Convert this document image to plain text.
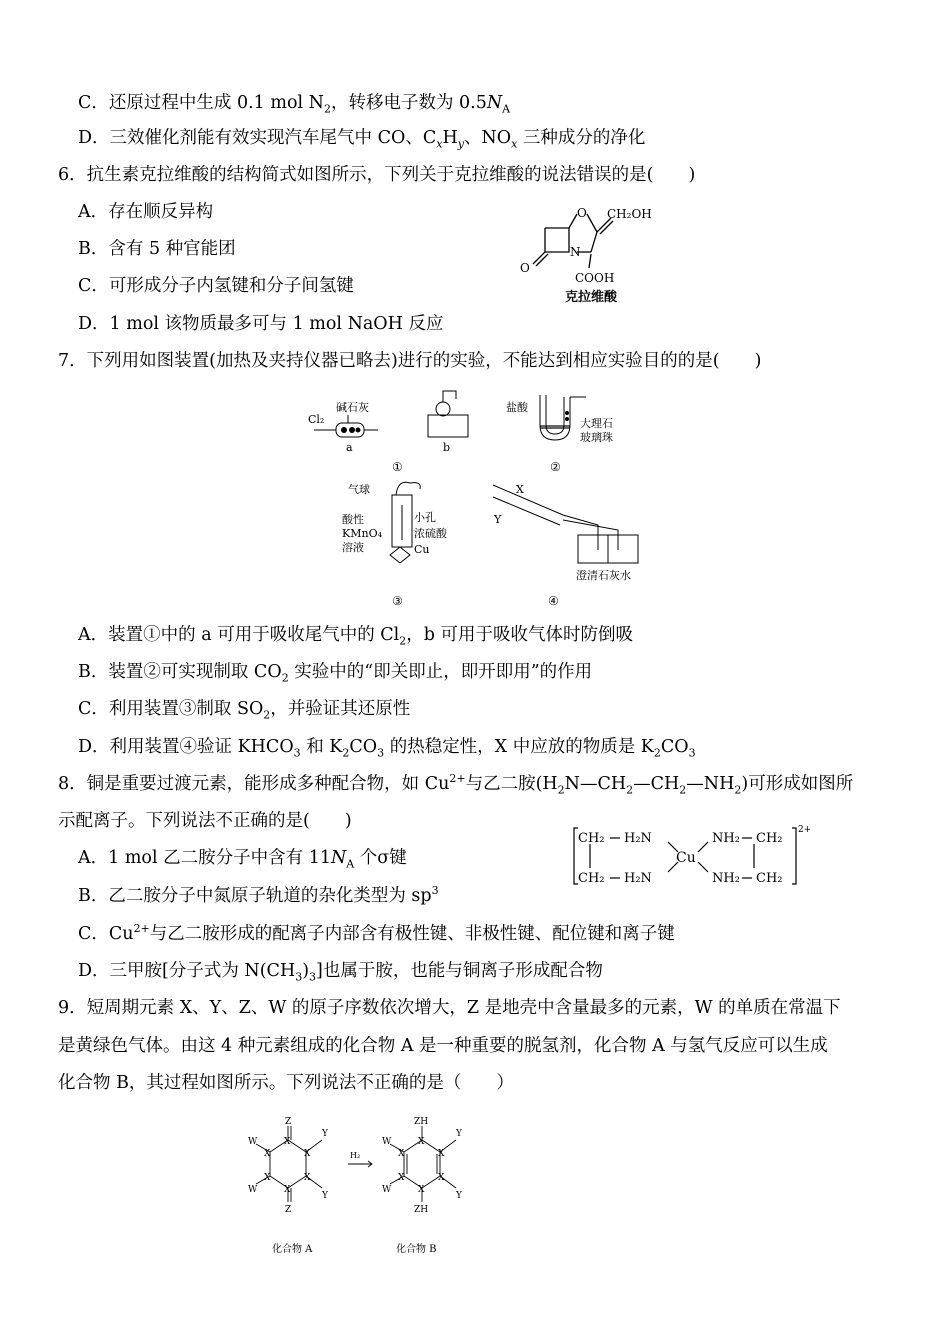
C．还原过程中生成 0.1 mol $N_2$，转移电子数为 $0.5N_A$
D．三效催化剂能有效实现汽车尾气中 CO、$C_xH_y$、$NO_x$ 三种成分的净化
6．抗生素克拉维酸的结构简式如图所示，下列关于克拉维酸的说法错误的是(　　)
A．存在顺反异构
B．含有 5 种官能团
C．可形成分子内氢键和分子间氢键
D．1 mol 该物质最多可与 1 mol NaOH 反应
O
O
N
CH₂OH
COOH
克拉维酸
7．下列用如图装置(加热及夹持仪器已略去)进行的实验，不能达到相应实验目的的是(　　)
Cl₂
碱石灰
a	b
①
盐酸
大理石
玻璃珠
②
气球
酸性
KMnO₄
溶液
小孔
浓硫酸
Cu
③
X
Y
澄清石灰水
④
A．装置①中的 a 可用于吸收尾气中的 $Cl_2$，b 可用于吸收气体时防倒吸
B．装置②可实现制取 $CO_2$ 实验中的“即关即止，即开即用”的作用
C．利用装置③制取 $SO_2$，并验证其还原性
D．利用装置④验证 $KHCO_3$ 和 $K_2CO_3$ 的热稳定性，X 中应放的物质是 $K_2CO_3$
8．铜是重要过渡元素，能形成多种配合物，如 $Cu^{2+}$与乙二胺$(H_2N—CH_2—CH_2—NH_2)$可形成如图所
示配离子。下列说法不正确的是(　　)
CH₂
CH₂
H₂N
H₂N
Cu
NH₂
NH₂
CH₂
CH₂
2+
A．1 mol 乙二胺分子中含有 $11N_A$ 个σ键
B．乙二胺分子中氮原子轨道的杂化类型为 $sp^3$
C．$Cu^{2+}$与乙二胺形成的配离子内部含有极性键、非极性键、配位键和离子键
D．三甲胺[分子式为 $N(CH_3)_3$]也属于胺，也能与铜离子形成配合物
9．短周期元素 X、Y、Z、W 的原子序数依次增大，Z 是地壳中含量最多的元素，W 的单质在常温下
是黄绿色气体。由这 4 种元素组成的化合物 A 是一种重要的脱氢剂，化合物 A 与氢气反应可以生成
化合物 B，其过程如图所示。下列说法不正确的是（　　）
Z
Z
X
X
X
X
X
X
Y
Y
W
W
H₂
ZH
ZH
X
X
X
X
X
X
Y
Y
W
W
化合物 A	化合物 B
